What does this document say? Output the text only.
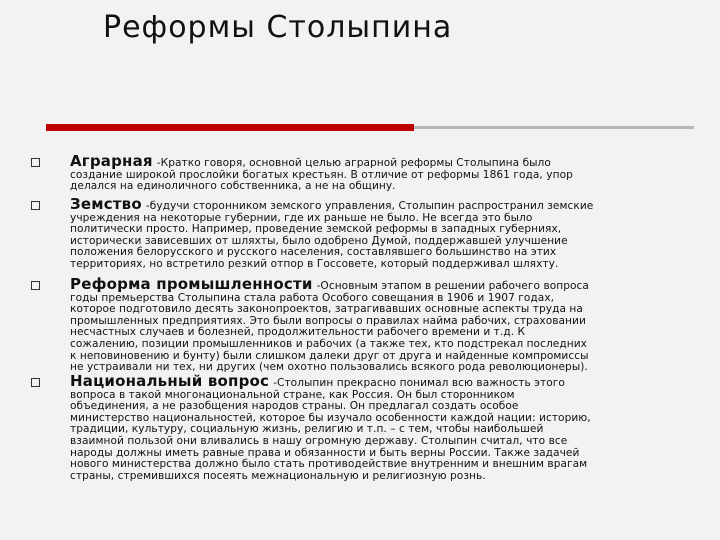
Реформы Столыпина

Аграрная -Кратко говоря, основной целью аграрной реформы Столыпина было
создание широкой прослойки богатых крестьян. В отличие от реформы 1861 года, упор
делался на единоличного собственника, а не на общину.

Земство -будучи сторонником земского управления, Столыпин распространил земские
учреждения на некоторые губернии, где их раньше не было. Не всегда это было
политически просто. Например, проведение земской реформы в западных губерниях,
исторически зависевших от шляхты, было одобрено Думой, поддержавшей улучшение
положения белорусского и русского населения, составлявшего большинство на этих
территориях, но встретило резкий отпор в Госсовете, который поддерживал шляхту.

Реформа промышленности -Основным этапом в решении рабочего вопроса
годы премьерства Столыпина стала работа Особого совещания в 1906 и 1907 годах,
которое подготовило десять законопроектов, затрагивавших основные аспекты труда на
промышленных предприятиях. Это были вопросы о правилах найма рабочих, страховании
несчастных случаев и болезней, продолжительности рабочего времени и т.д. К
сожалению, позиции промышленников и рабочих (а также тех, кто подстрекал последних
к неповиновению и бунту) были слишком далеки друг от друга и найденные компромиссы
не устраивали ни тех, ни других (чем охотно пользовались всякого рода революционеры).

Национальный вопрос -Столыпин прекрасно понимал всю важность этого
вопроса в такой многонациональной стране, как Россия. Он был сторонником
объединения, а не разобщения народов страны. Он предлагал создать особое
министерство национальностей, которое бы изучало особенности каждой нации: историю,
традиции, культуру, социальную жизнь, религию и т.п. – с тем, чтобы наибольшей
взаимной пользой они вливались в нашу огромную державу. Столыпин считал, что все
народы должны иметь равные права и обязанности и быть верны России. Также задачей
нового министерства должно было стать противодействие внутренним и внешним врагам
страны, стремившихся посеять межнациональную и религиозную рознь.
